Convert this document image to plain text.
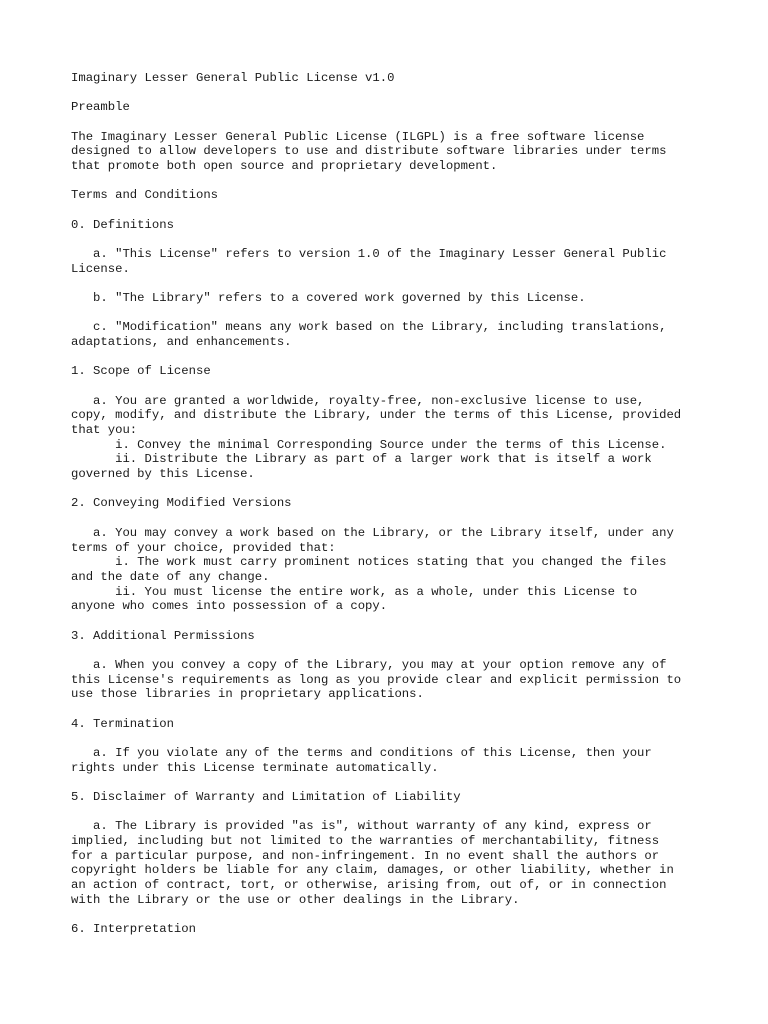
Imaginary Lesser General Public License v1.0
Preamble
The Imaginary Lesser General Public License (ILGPL) is a free software license
designed to allow developers to use and distribute software libraries under terms
that promote both open source and proprietary development.
Terms and Conditions
0. Definitions
a. "This License" refers to version 1.0 of the Imaginary Lesser General Public
License.
b. "The Library" refers to a covered work governed by this License.
c. "Modification" means any work based on the Library, including translations,
adaptations, and enhancements.
1. Scope of License
a. You are granted a worldwide, royalty-free, non-exclusive license to use,
copy, modify, and distribute the Library, under the terms of this License, provided
that you:
i. Convey the minimal Corresponding Source under the terms of this License.
ii. Distribute the Library as part of a larger work that is itself a work
governed by this License.
2. Conveying Modified Versions
a. You may convey a work based on the Library, or the Library itself, under any
terms of your choice, provided that:
i. The work must carry prominent notices stating that you changed the files
and the date of any change.
ii. You must license the entire work, as a whole, under this License to
anyone who comes into possession of a copy.
3. Additional Permissions
a. When you convey a copy of the Library, you may at your option remove any of
this License's requirements as long as you provide clear and explicit permission to
use those libraries in proprietary applications.
4. Termination
a. If you violate any of the terms and conditions of this License, then your
rights under this License terminate automatically.
5. Disclaimer of Warranty and Limitation of Liability
a. The Library is provided "as is", without warranty of any kind, express or
implied, including but not limited to the warranties of merchantability, fitness
for a particular purpose, and non-infringement. In no event shall the authors or
copyright holders be liable for any claim, damages, or other liability, whether in
an action of contract, tort, or otherwise, arising from, out of, or in connection
with the Library or the use or other dealings in the Library.
6. Interpretation
